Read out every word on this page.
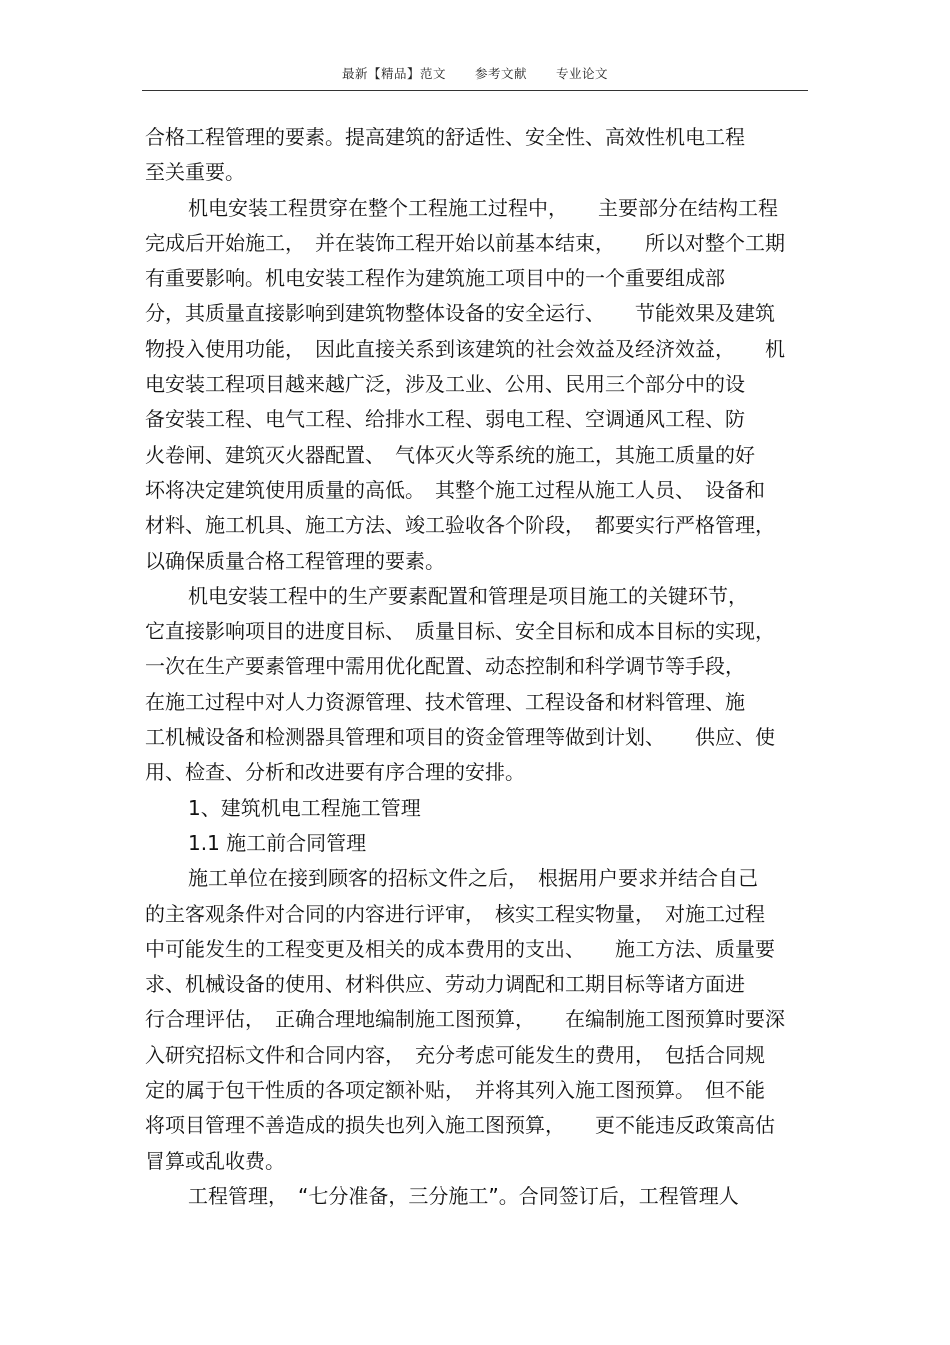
最新【精品】范文 参考文献 专业论文
合格工程管理的要素。提高建筑的舒适性、安全性、高效性机电工程
至关重要。
机电安装工程贯穿在整个工程施工过程中，　　主要部分在结构工程
完成后开始施工，　并在装饰工程开始以前基本结束，　　所以对整个工期
有重要影响。机电安装工程作为建筑施工项目中的一个重要组成部
分，其质量直接影响到建筑物整体设备的安全运行、　　节能效果及建筑
物投入使用功能，　因此直接关系到该建筑的社会效益及经济效益，　　机
电安装工程项目越来越广泛，涉及工业、公用、民用三个部分中的设
备安装工程、电气工程、给排水工程、弱电工程、空调通风工程、防
火卷闸、建筑灭火器配置、　气体灭火等系统的施工，其施工质量的好
坏将决定建筑使用质量的高低。　其整个施工过程从施工人员、　设备和
材料、施工机具、施工方法、竣工验收各个阶段，　都要实行严格管理，
以确保质量合格工程管理的要素。
机电安装工程中的生产要素配置和管理是项目施工的关键环节，
它直接影响项目的进度目标、　质量目标、安全目标和成本目标的实现，
一次在生产要素管理中需用优化配置、动态控制和科学调节等手段，
在施工过程中对人力资源管理、技术管理、工程设备和材料管理、施
工机械设备和检测器具管理和项目的资金管理等做到计划、　　供应、使
用、检查、分析和改进要有序合理的安排。
1、建筑机电工程施工管理
1.1 施工前合同管理
施工单位在接到顾客的招标文件之后，　根据用户要求并结合自己
的主客观条件对合同的内容进行评审，　核实工程实物量，　对施工过程
中可能发生的工程变更及相关的成本费用的支出、　　施工方法、质量要
求、机械设备的使用、材料供应、劳动力调配和工期目标等诸方面进
行合理评估，　正确合理地编制施工图预算，　　在编制施工图预算时要深
入研究招标文件和合同内容，　充分考虑可能发生的费用，　包括合同规
定的属于包干性质的各项定额补贴，　并将其列入施工图预算。　但不能
将项目管理不善造成的损失也列入施工图预算，　　更不能违反政策高估
冒算或乱收费。
工程管理，　“七分准备，三分施工”。合同签订后，工程管理人
